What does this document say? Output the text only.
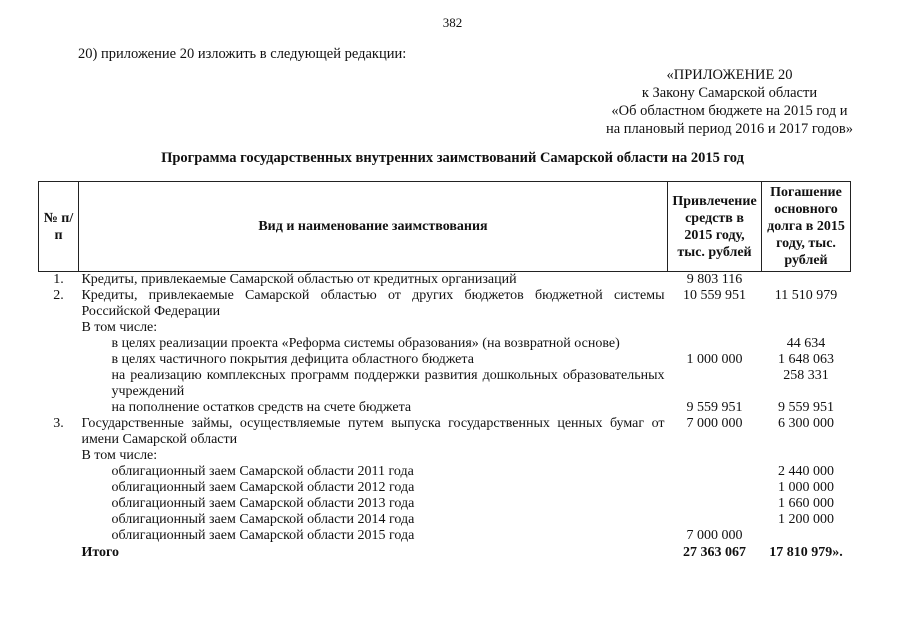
382
20) приложение 20 изложить в следующей редакции:
«ПРИЛОЖЕНИЕ 20
к Закону Самарской области
«Об областном бюджете на 2015 год и
на плановый период 2016 и 2017 годов»
Программа государственных внутренних заимствований Самарской области на 2015 год
№ п/п	Вид и наименование заимствования	Привлечение средств в 2015 году, тыс. рублей	Погашение основного долга в 2015 году, тыс. рублей
1.	Кредиты, привлекаемые Самарской областью от кредитных организаций	9 803 116	
2.	Кредиты, привлекаемые Самарской областью от других бюджетов бюджетной системы Российской Федерации	10 559 951	11 510 979
	В том числе:		
	в целях реализации проекта «Реформа системы образования» (на возвратной основе)		44 634
	в целях частичного покрытия дефицита областного бюджета	1 000 000	1 648 063
	на реализацию комплексных программ поддержки развития дошкольных образовательных учреждений		258 331
	на пополнение остатков средств на счете бюджета	9 559 951	9 559 951
3.	Государственные займы, осуществляемые путем выпуска государственных ценных бумаг от имени Самарской области	7 000 000	6 300 000
	В том числе:		
	облигационный заем Самарской области 2011 года		2 440 000
	облигационный заем Самарской области 2012 года		1 000 000
	облигационный заем Самарской области 2013 года		1 660 000
	облигационный заем Самарской области 2014 года		1 200 000
	облигационный заем Самарской области 2015 года	7 000 000	
	Итого	27 363 067	17 810 979».
